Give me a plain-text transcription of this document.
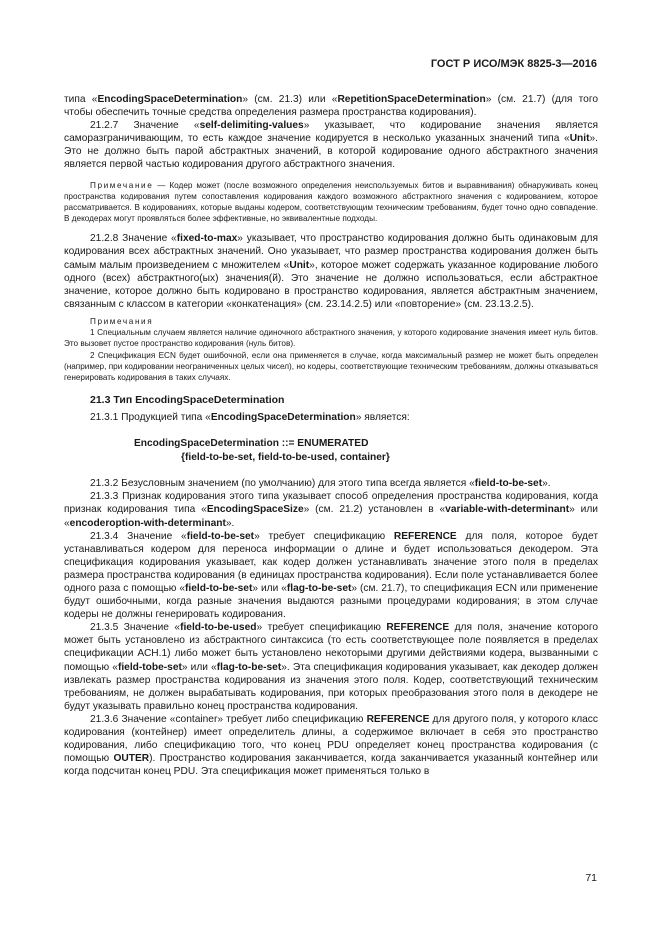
ГОСТ Р ИСО/МЭК 8825-3—2016

типа «EncodingSpaceDetermination» (см. 21.3) или «RepetitionSpaceDetermination» (см. 21.7) (для того чтобы обеспечить точные средства определения размера пространства кодирования).

21.2.7 Значение «self-delimiting-values» указывает, что кодирование значения является саморазграничивающим, то есть каждое значение кодируется в несколько указанных значений типа «Unit». Это не должно быть парой абстрактных значений, в которой кодирование одного абстрактного значения является первой частью кодирования другого абстрактного значения.

Примечание — Кодер может (после возможного определения неиспользуемых битов и выравнивания) обнаруживать конец пространства кодирования путем сопоставления кодирования каждого возможного абстрактного значения с кодированием, которое рассматривается. В кодированиях, которые выданы кодером, соответствующим техническим требованиям, будет точно одно совпадение. В декодерах могут проявляться более эффективные, но эквивалентные подходы.

21.2.8 Значение «fixed-to-max» указывает, что пространство кодирования должно быть одинаковым для кодирования всех абстрактных значений. Оно указывает, что размер пространства кодирования должен быть самым малым произведением с множителем «Unit», которое может содержать указанное кодирование любого одного (всех) абстрактного(ых) значения(й). Это значение не должно использоваться, если абстрактное значение, которое должно быть кодировано в пространство кодирования, является абстрактным значением, связанным с классом в категории «конкатенация» (см. 23.14.2.5) или «повторение» (см. 23.13.2.5).

Примечания

1 Специальным случаем является наличие одиночного абстрактного значения, у которого кодирование значения имеет нуль битов. Это вызовет пустое пространство кодирования (нуль битов).

2 Спецификация ECN будет ошибочной, если она применяется в случае, когда максимальный размер не может быть определен (например, при кодировании неограниченных целых чисел), но кодеры, соответствующие техническим требованиям, должны отказываться генерировать кодирования в таких случаях.

21.3 Тип EncodingSpaceDetermination

21.3.1 Продукцией типа «EncodingSpaceDetermination» является:

EncodingSpaceDetermination ::= ENUMERATED
{field-to-be-set, field-to-be-used, container}

21.3.2 Безусловным значением (по умолчанию) для этого типа всегда является «field-to-be-set».

21.3.3 Признак кодирования этого типа указывает способ определения пространства кодирования, когда признак кодирования типа «EncodingSpaceSize» (см. 21.2) установлен в «variable-with-determinant» или «encoderoption-with-determinant».

21.3.4 Значение «field-to-be-set» требует спецификацию REFERENCE для поля, которое будет устанавливаться кодером для переноса информации о длине и будет использоваться декодером. Эта спецификация кодирования указывает, как кодер должен устанавливать значение этого поля в пределах размера пространства кодирования (в единицах пространства кодирования). Если поле устанавливается более одного раза с помощью «field-to-be-set» или «flag-to-be-set» (см. 21.7), то спецификация ECN или применение будут ошибочными, когда разные значения выдаются разными процедурами кодирования; в этом случае кодеры не должны генерировать кодирования.

21.3.5 Значение «field-to-be-used» требует спецификацию REFERENCE для поля, значение которого может быть установлено из абстрактного синтаксиса (то есть соответствующее поле появляется в пределах спецификации АСН.1) либо может быть установлено некоторыми другими действиями кодера, вызванными с помощью «field-tobe-set» или «flag-to-be-set». Эта спецификация кодирования указывает, как декодер должен извлекать размер пространства кодирования из значения этого поля. Кодер, соответствующий техническим требованиям, не должен вырабатывать кодирования, при которых преобразования этого поля в декодере не будут указывать правильно конец пространства кодирования.

21.3.6 Значение «container» требует либо спецификацию REFERENCE для другого поля, у которого класс кодирования (контейнер) имеет определитель длины, а содержимое включает в себя это пространство кодирования, либо спецификацию того, что конец PDU определяет конец пространства кодирования (с помощью OUTER). Пространство кодирования заканчивается, когда заканчивается указанный контейнер или когда подсчитан конец PDU. Эта спецификация может применяться только в

71
